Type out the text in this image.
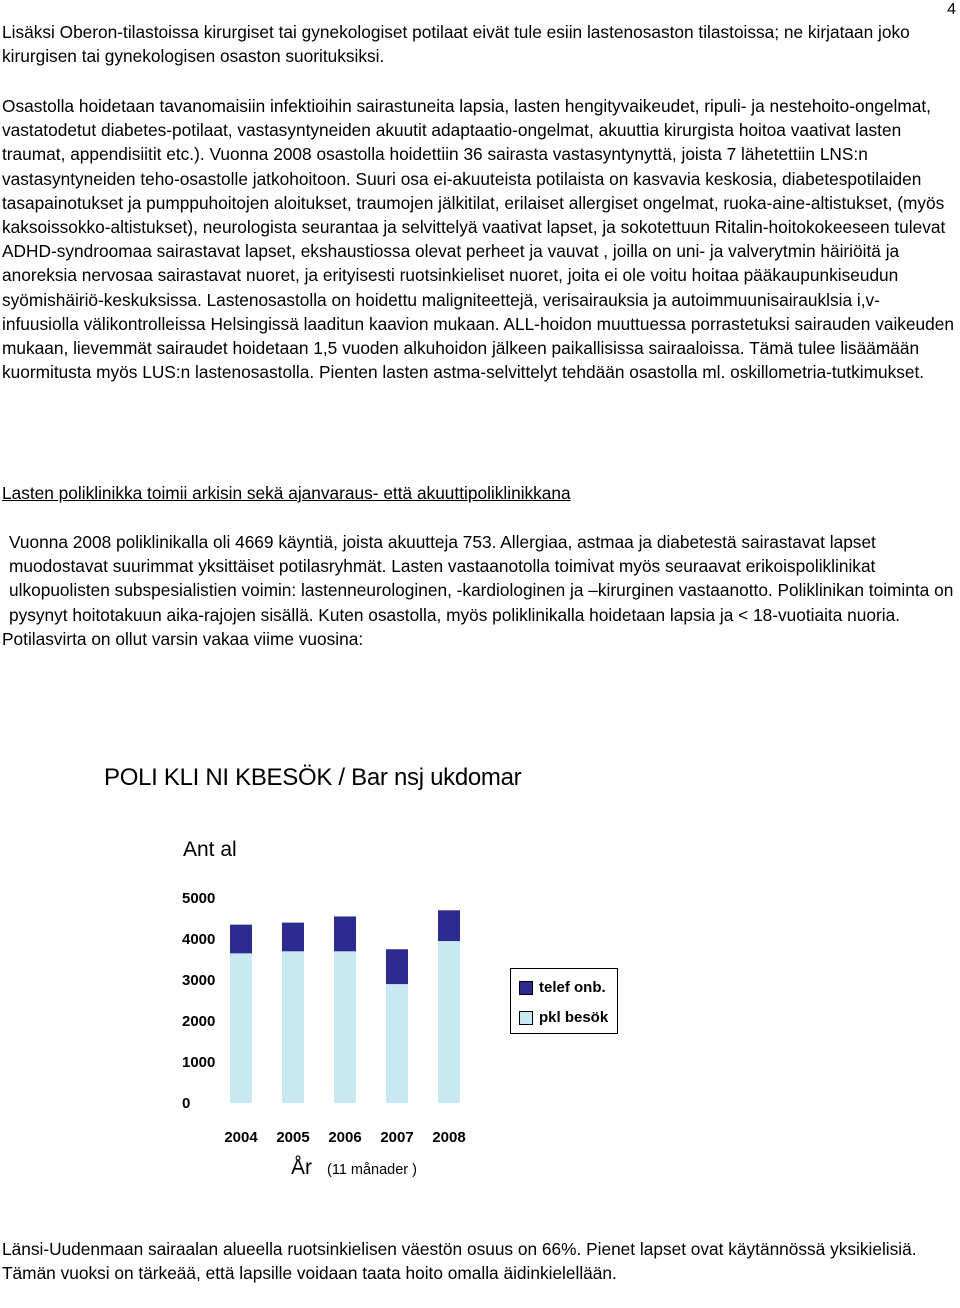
4

Lisäksi Oberon-tilastoissa kirurgiset tai gynekologiset potilaat eivät tule esiin lastenosaston tilastoissa; ne kirjataan joko kirurgisen tai gynekologisen osaston suorituksiksi.

Osastolla hoidetaan tavanomaisiin infektioihin sairastuneita lapsia, lasten hengityvaikeudet, ripuli- ja nestehoito-ongelmat, vastatodetut diabetes-potilaat, vastasyntyneiden akuutit adaptaatio-ongelmat, akuuttia kirurgista hoitoa vaativat lasten traumat, appendisiitit etc.). Vuonna 2008 osastolla hoidettiin 36 sairasta vastasyntynyttä, joista 7 lähetettiin LNS:n vastasyntyneiden teho-osastolle jatkohoitoon. Suuri osa ei-akuuteista potilaista on kasvavia keskosia, diabetespotilaiden tasapainotukset ja pumppuhoitojen aloitukset, traumojen jälkitilat, erilaiset allergiset ongelmat, ruoka-aine-altistukset, (myös kaksoissokko-altistukset), neurologista seurantaa ja selvittelyä vaativat lapset, ja sokotettuun Ritalin-hoitokokeeseen tulevat ADHD-syndroomaa sairastavat lapset, ekshaustiossa olevat perheet ja vauvat , joilla on uni- ja valverytmin häiriöitä ja anoreksia nervosaa sairastavat nuoret, ja erityisesti ruotsinkieliset nuoret, joita ei ole voitu hoitaa pääkaupunkiseudun syömishäiriö-keskuksissa. Lastenosastolla on hoidettu maligniteettejä, verisairauksia ja autoimmuunisairauklsia i,v-infuusiolla välikontrolleissa Helsingissä laaditun kaavion mukaan. ALL-hoidon muuttuessa porrastetuksi sairauden vaikeuden mukaan, lievemmät sairaudet hoidetaan 1,5 vuoden alkuhoidon jälkeen paikallisissa sairaaloissa. Tämä tulee lisäämään kuormitusta myös LUS:n lastenosastolla. Pienten lasten astma-selvittelyt tehdään osastolla ml. oskillometria-tutkimukset.

Lasten poliklinikka toimii arkisin sekä ajanvaraus- että akuuttipoliklinikkana

Vuonna 2008 poliklinikalla oli 4669 käyntiä, joista akuutteja 753. Allergiaa, astmaa ja diabetestä sairastavat lapset muodostavat suurimmat yksittäiset potilasryhmät. Lasten vastaanotolla toimivat myös seuraavat erikoispoliklinikat ulkopuolisten subspesialistien voimin: lastenneurologinen, -kardiologinen ja –kirurginen vastaanotto. Poliklinikan toiminta on pysynyt hoitotakuun aika-rajojen sisällä. Kuten osastolla, myös poliklinikalla hoidetaan lapsia ja < 18-vuotiaita nuoria.
Potilasvirta on ollut varsin vakaa viime vuosina:
POLI KLI NI KBESÖK / Bar nsj ukdomar
Ant al
5000
4000
3000
2000
1000
0
2004 2005 2006 2007 2008
telef onb.
pkl besök
År (11 månader )

Länsi-Uudenmaan sairaalan alueella ruotsinkielisen väestön osuus on 66%. Pienet lapset ovat käytännössä yksikielisiä. Tämän vuoksi on tärkeää, että lapsille voidaan taata hoito omalla äidinkielellään.
